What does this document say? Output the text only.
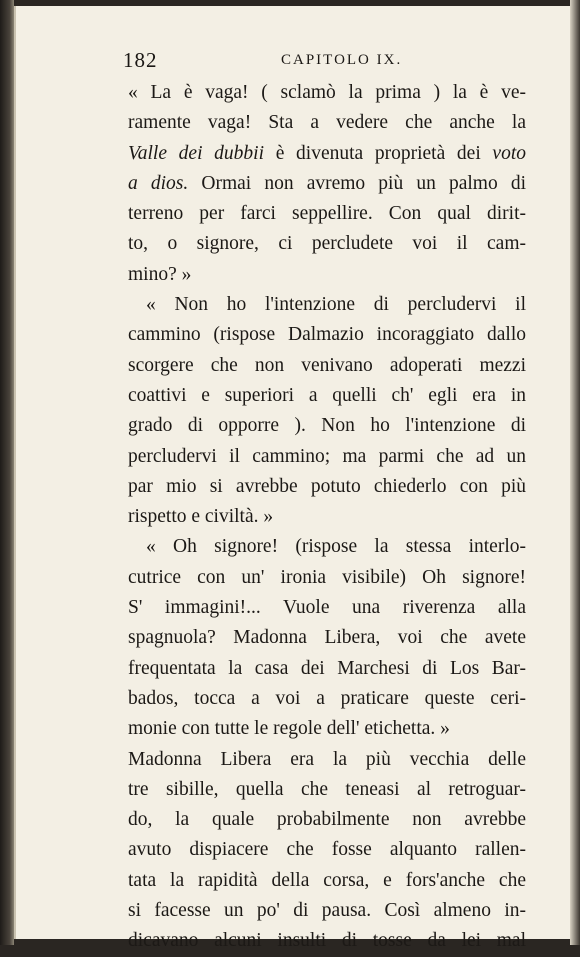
182	CAPITOLO IX.
« La è vaga! ( sclamò la prima ) la è ve-
ramente vaga! Sta a vedere che anche la
Valle dei dubbii è divenuta proprietà dei voto
a dios. Ormai non avremo più un palmo di
terreno per farci seppellire. Con qual dirit-
to, o signore, ci percludete voi il cam-
mino? »
« Non ho l'intenzione di percludervi il
cammino (rispose Dalmazio incoraggiato dallo
scorgere che non venivano adoperati mezzi
coattivi e superiori a quelli ch' egli era in
grado di opporre ). Non ho l'intenzione di
percludervi il cammino; ma parmi che ad un
par mio si avrebbe potuto chiederlo con più
rispetto e civiltà. »
« Oh signore! (rispose la stessa interlo-
cutrice con un' ironia visibile) Oh signore!
S' immagini!... Vuole una riverenza alla
spagnuola? Madonna Libera, voi che avete
frequentata la casa dei Marchesi di Los Bar-
bados, tocca a voi a praticare queste ceri-
monie con tutte le regole dell' etichetta. »
Madonna Libera era la più vecchia delle
tre sibille, quella che teneasi al retroguar-
do, la quale probabilmente non avrebbe
avuto dispiacere che fosse alquanto rallen-
tata la rapidità della corsa, e fors'anche che
si facesse un po' di pausa. Così almeno in-
dicavano alcuni insulti di tosse da lei mal
